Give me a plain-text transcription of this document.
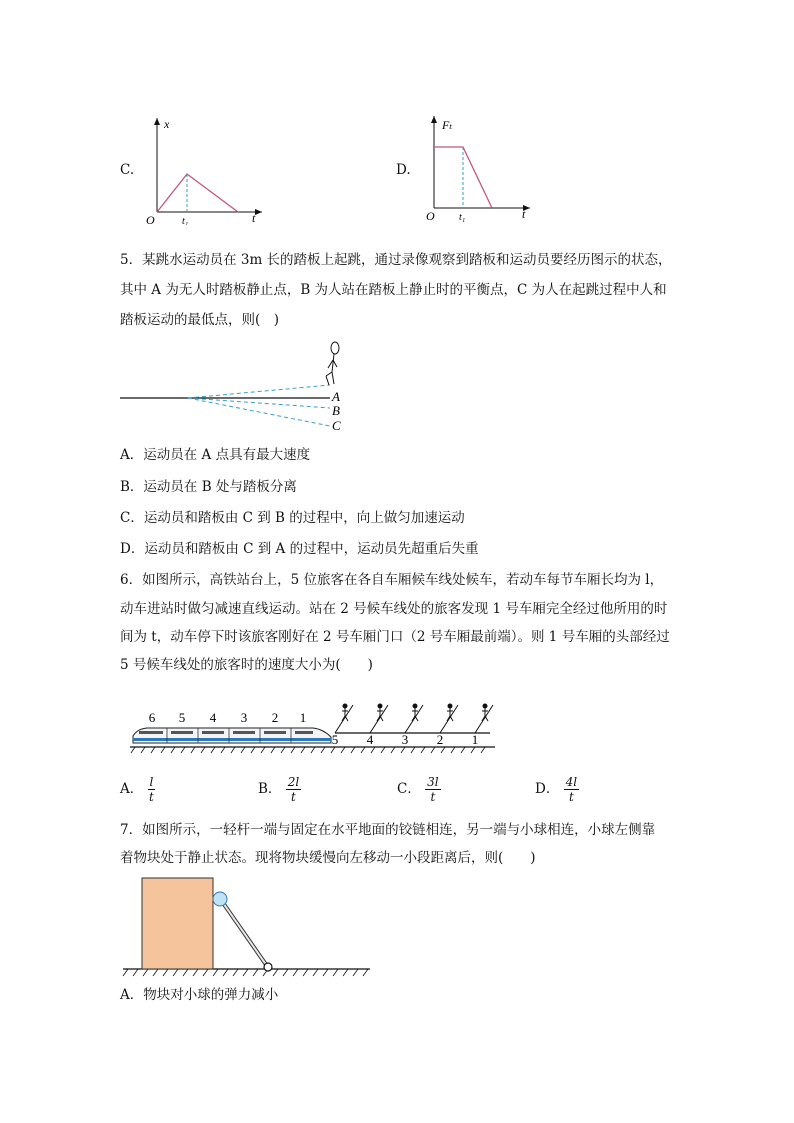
C.
x
t
O	t₁
D.
Fₜ
t
O t₁
5．某跳水运动员在 3m 长的踏板上起跳，通过录像观察到踏板和运动员要经历图示的状态，
其中 A 为无人时踏板静止点，B 为人站在踏板上静止时的平衡点，C 为人在起跳过程中人和
踏板运动的最低点，则(　)
A
B
C
A．运动员在 A 点具有最大速度
B．运动员在 B 处与踏板分离
C．运动员和踏板由 C 到 B 的过程中，向上做匀加速运动
D．运动员和踏板由 C 到 A 的过程中，运动员先超重后失重
6．如图所示，高铁站台上，5 位旅客在各自车厢候车线处候车，若动车每节车厢长均为 l，
动车进站时做匀减速直线运动。站在 2 号候车线处的旅客发现 1 号车厢完全经过他所用的时
间为 t，动车停下时该旅客刚好在 2 号车厢门口（2 号车厢最前端）。则 1 号车厢的头部经过
5 号候车线处的旅客时的速度大小为(　　)
6 5 4 3 2 1
5 4 3 2 1
A． $\frac{l}{t}$	B． $\frac{2l}{t}$	C． $\frac{3l}{t}$	D． $\frac{4l}{t}$
7．如图所示，一轻杆一端与固定在水平地面的铰链相连，另一端与小球相连，小球左侧靠
着物块处于静止状态。现将物块缓慢向左移动一小段距离后，则(　　)
A．物块对小球的弹力减小
